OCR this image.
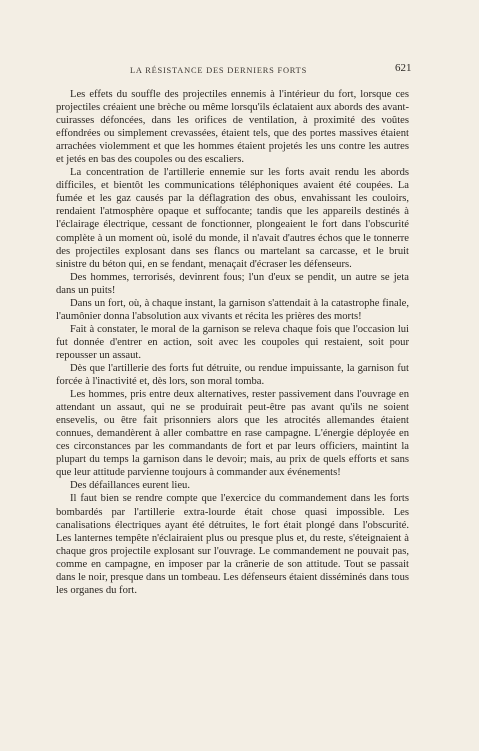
LA RÉSISTANCE DES DERNIERS FORTS	621

Les effets du souffle des projectiles ennemis à l'intérieur du fort, lorsque ces projectiles créaient une brèche ou même lorsqu'ils éclataient aux abords des avant-cuirasses défoncées, dans les orifices de ventilation, à proximité des voûtes effondrées ou simplement crevassées, étaient tels, que des portes massives étaient arrachées violemment et que les hommes étaient projetés les uns contre les autres et jetés en bas des coupoles ou des escaliers.

La concentration de l'artillerie ennemie sur les forts avait rendu les abords difficiles, et bientôt les communications téléphoniques avaient été coupées. La fumée et les gaz causés par la déflagration des obus, envahissant les couloirs, rendaient l'atmosphère opaque et suffocante; tandis que les appareils destinés à l'éclairage électrique, cessant de fonctionner, plongeaient le fort dans l'obscurité complète à un moment où, isolé du monde, il n'avait d'autres échos que le tonnerre des projectiles explosant dans ses flancs ou martelant sa carcasse, et le bruit sinistre du béton qui, en se fendant, menaçait d'écraser les défenseurs.

Des hommes, terrorisés, devinrent fous; l'un d'eux se pendit, un autre se jeta dans un puits!

Dans un fort, où, à chaque instant, la garnison s'attendait à la catastrophe finale, l'aumônier donna l'absolution aux vivants et récita les prières des morts!

Fait à constater, le moral de la garnison se releva chaque fois que l'occasion lui fut donnée d'entrer en action, soit avec les coupoles qui restaient, soit pour repousser un assaut.

Dès que l'artillerie des forts fut détruite, ou rendue impuissante, la garnison fut forcée à l'inactivité et, dès lors, son moral tomba.

Les hommes, pris entre deux alternatives, rester passivement dans l'ouvrage en attendant un assaut, qui ne se produirait peut-être pas avant qu'ils ne soient ensevelis, ou être fait prisonniers alors que les atrocités allemandes étaient connues, demandèrent à aller combattre en rase campagne. L'énergie déployée en ces circonstances par les commandants de fort et par leurs officiers, maintint la plupart du temps la garnison dans le devoir; mais, au prix de quels efforts et sans que leur attitude parvienne toujours à commander aux événements!

Des défaillances eurent lieu.

Il faut bien se rendre compte que l'exercice du commandement dans les forts bombardés par l'artillerie extra-lourde était chose quasi impossible. Les canalisations électriques ayant été détruites, le fort était plongé dans l'obscurité. Les lanternes tempête n'éclairaient plus ou presque plus et, du reste, s'éteignaient à chaque gros projectile explosant sur l'ouvrage. Le commandement ne pouvait pas, comme en campagne, en imposer par la crânerie de son attitude. Tout se passait dans le noir, presque dans un tombeau. Les défenseurs étaient disséminés dans tous les organes du fort.
